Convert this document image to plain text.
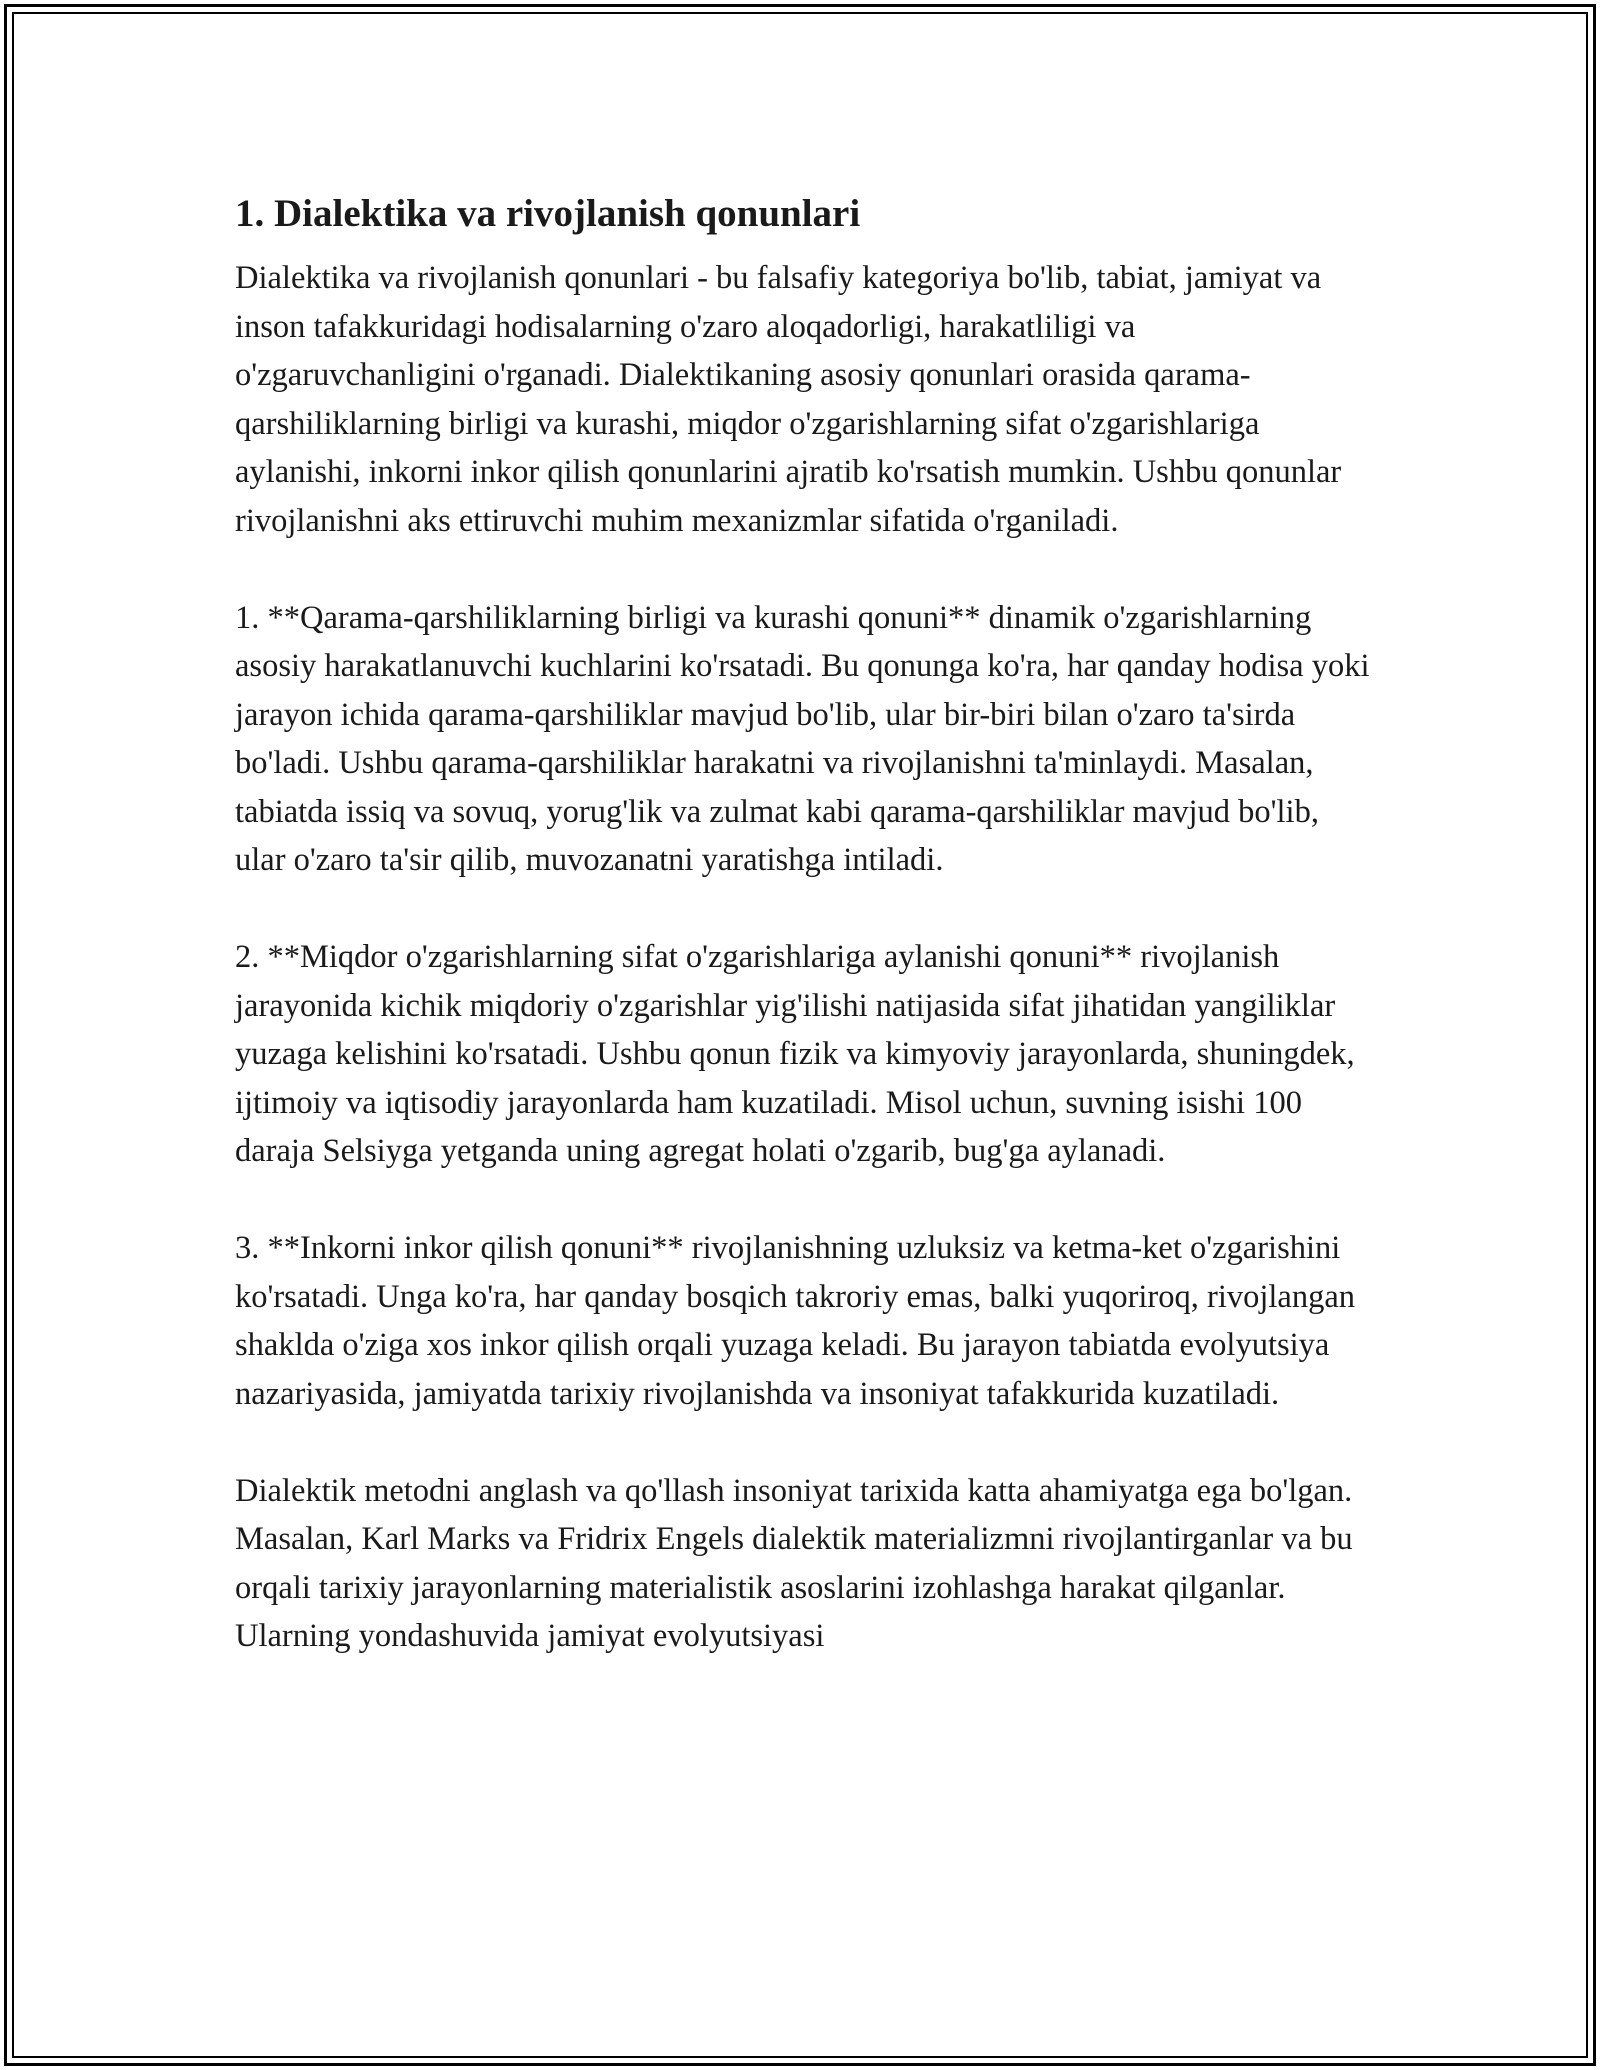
1. Dialektika va rivojlanish qonunlari

Dialektika va rivojlanish qonunlari - bu falsafiy kategoriya bo'lib, tabiat, jamiyat va inson tafakkuridagi hodisalarning o'zaro aloqadorligi, harakatliligi va o'zgaruvchanligini o'rganadi. Dialektikaning asosiy qonunlari orasida qarama-qarshiliklarning birligi va kurashi, miqdor o'zgarishlarning sifat o'zgarishlariga aylanishi, inkorni inkor qilish qonunlarini ajratib ko'rsatish mumkin. Ushbu qonunlar rivojlanishni aks ettiruvchi muhim mexanizmlar sifatida o'rganiladi.

1. **Qarama-qarshiliklarning birligi va kurashi qonuni** dinamik o'zgarishlarning asosiy harakatlanuvchi kuchlarini ko'rsatadi. Bu qonunga ko'ra, har qanday hodisa yoki jarayon ichida qarama-qarshiliklar mavjud bo'lib, ular bir-biri bilan o'zaro ta'sirda bo'ladi. Ushbu qarama-qarshiliklar harakatni va rivojlanishni ta'minlaydi. Masalan, tabiatda issiq va sovuq, yorug'lik va zulmat kabi qarama-qarshiliklar mavjud bo'lib, ular o'zaro ta'sir qilib, muvozanatni yaratishga intiladi.

2. **Miqdor o'zgarishlarning sifat o'zgarishlariga aylanishi qonuni** rivojlanish jarayonida kichik miqdoriy o'zgarishlar yig'ilishi natijasida sifat jihatidan yangiliklar yuzaga kelishini ko'rsatadi. Ushbu qonun fizik va kimyoviy jarayonlarda, shuningdek, ijtimoiy va iqtisodiy jarayonlarda ham kuzatiladi. Misol uchun, suvning isishi 100 daraja Selsiyga yetganda uning agregat holati o'zgarib, bug'ga aylanadi.

3. **Inkorni inkor qilish qonuni** rivojlanishning uzluksiz va ketma-ket o'zgarishini ko'rsatadi. Unga ko'ra, har qanday bosqich takroriy emas, balki yuqoriroq, rivojlangan shaklda o'ziga xos inkor qilish orqali yuzaga keladi. Bu jarayon tabiatda evolyutsiya nazariyasida, jamiyatda tarixiy rivojlanishda va insoniyat tafakkurida kuzatiladi.

Dialektik metodni anglash va qo'llash insoniyat tarixida katta ahamiyatga ega bo'lgan. Masalan, Karl Marks va Fridrix Engels dialektik materializmni rivojlantirganlar va bu orqali tarixiy jarayonlarning materialistik asoslarini izohlashga harakat qilganlar. Ularning yondashuvida jamiyat evolyutsiyasi
